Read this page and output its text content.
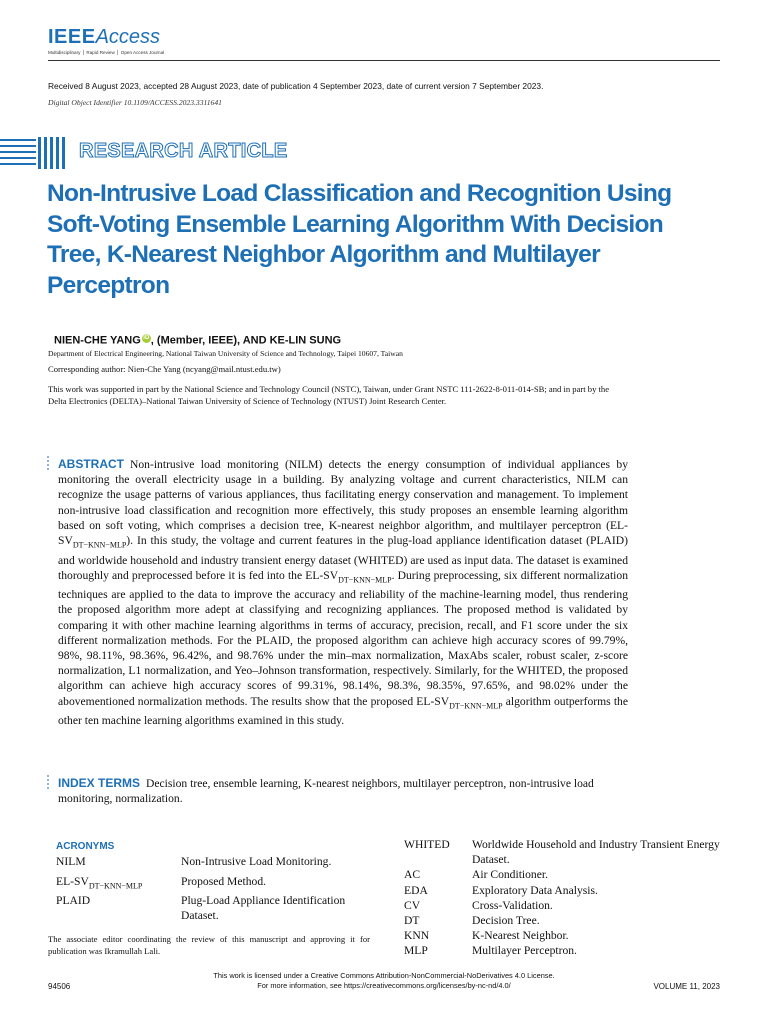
IEEEAccess
Multidisciplinary ⎪ Rapid Review ⎪ Open Access Journal
Received 8 August 2023, accepted 28 August 2023, date of publication 4 September 2023, date of current version 7 September 2023.
Digital Object Identifier 10.1109/ACCESS.2023.3311641
RESEARCH ARTICLE
Non-Intrusive Load Classification and Recognition Using Soft-Voting Ensemble Learning Algorithm With Decision Tree, K-Nearest Neighbor Algorithm and Multilayer Perceptron
NIEN-CHE YANG iD , (Member, IEEE), AND KE-LIN SUNG
Department of Electrical Engineering, National Taiwan University of Science and Technology, Taipei 10607, Taiwan
Corresponding author: Nien-Che Yang (ncyang@mail.ntust.edu.tw)
This work was supported in part by the National Science and Technology Council (NSTC), Taiwan, under Grant NSTC 111-2622-8-011-014-SB; and in part by the Delta Electronics (DELTA)–National Taiwan University of Science of Technology (NTUST) Joint Research Center.

ABSTRACT Non-intrusive load monitoring (NILM) detects the energy consumption of individual appliances by monitoring the overall electricity usage in a building. By analyzing voltage and current characteristics, NILM can recognize the usage patterns of various appliances, thus facilitating energy conservation and management. To implement non-intrusive load classification and recognition more effectively, this study proposes an ensemble learning algorithm based on soft voting, which comprises a decision tree, K-nearest neighbor algorithm, and multilayer perceptron $(EL-SV_{DT-KNN-MLP})$. In this study, the voltage and current features in the plug-load appliance identification dataset (PLAID) and worldwide household and industry transient energy dataset (WHITED) are used as input data. The dataset is examined thoroughly and preprocessed before it is fed into the $EL-SV_{DT-KNN-MLP}$. During preprocessing, six different normalization techniques are applied to the data to improve the accuracy and reliability of the machine-learning model, thus rendering the proposed algorithm more adept at classifying and recognizing appliances. The proposed method is validated by comparing it with other machine learning algorithms in terms of accuracy, precision, recall, and F1 score under the six different normalization methods. For the PLAID, the proposed algorithm can achieve high accuracy scores of 99.79%, 98%, 98.11%, 98.36%, 96.42%, and 98.76% under the min–max normalization, MaxAbs scaler, robust scaler, z-score normalization, L1 normalization, and Yeo–Johnson transformation, respectively. Similarly, for the WHITED, the proposed algorithm can achieve high accuracy scores of 99.31%, 98.14%, 98.3%, 98.35%, 97.65%, and 98.02% under the abovementioned normalization methods. The results show that the proposed $EL-SV_{DT-KNN-MLP}$ algorithm outperforms the other ten machine learning algorithms examined in this study.

INDEX TERMS Decision tree, ensemble learning, K-nearest neighbors, multilayer perceptron, non-intrusive load monitoring, normalization.

ACRONYMS
NILM	Non-Intrusive Load Monitoring.
$EL-SV_{DT-KNN-MLP}$	Proposed Method.
PLAID	Plug-Load Appliance Identification Dataset.
WHITED	Worldwide Household and Industry Transient Energy Dataset.
AC	Air Conditioner.
EDA	Exploratory Data Analysis.
CV	Cross-Validation.
DT	Decision Tree.
KNN	K-Nearest Neighbor.
MLP	Multilayer Perceptron.
The associate editor coordinating the review of this manuscript and approving it for publication was Ikramullah Lali.
94506
This work is licensed under a Creative Commons Attribution-NonCommercial-NoDerivatives 4.0 License.
For more information, see https://creativecommons.org/licenses/by-nc-nd/4.0/	VOLUME 11, 2023
